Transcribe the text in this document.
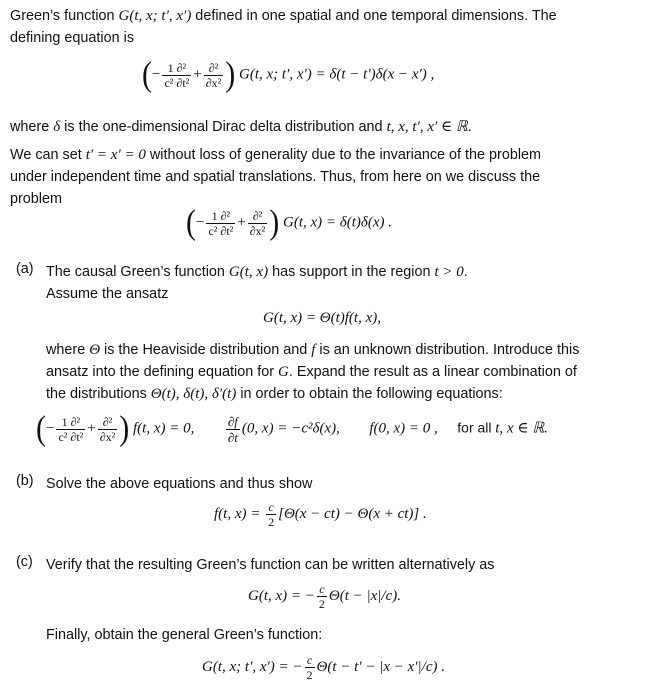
Green’s function G(t, x; t′, x′) defined in one spatial and one temporal dimensions. The
defining equation is
(− $\frac{\text{1 ∂²}}{\text{c² ∂t²}} + \frac{\text{∂²}}{\text{∂x²}}$ ) G(t, x; t′, x′) = δ(t − t′)δ(x − x′) ,
where δ is the one-dimensional Dirac delta distribution and t, x, t′, x′ ∈ ℝ.
We can set t′ = x′ = 0 without loss of generality due to the invariance of the problem
under independent time and spatial translations. Thus, from here on we discuss the
problem
(− $\frac{\text{1 ∂²}}{\text{c² ∂t²}} + \frac{\text{∂²}}{\text{∂x²}}$ ) G(t, x) = δ(t)δ(x) .
(a) The causal Green’s function G(t, x) has support in the region t > 0.
Assume the ansatz
G(t, x) = Θ(t)f(t, x),
where Θ is the Heaviside distribution and f is an unknown distribution. Introduce this
ansatz into the defining equation for G. Expand the result as a linear combination of
the distributions Θ(t), δ(t), δ′(t) in order to obtain the following equations:
(− $\frac{\text{1 ∂²}}{\text{c² ∂t²}} + \frac{\text{∂²}}{\text{∂x²}}$ ) f(t, x) = 0, $\frac{\partial f}{\partial t} (0$, x) = −c²δ(x), f(0, x) = 0 , for all t, x ∈ ℝ.
(b) Solve the above equations and thus show
f(t, $x) = \frac{c}{2} [\Theta(x - ct) - \Theta(x + ct)]$ .
(c) Verify that the resulting Green’s function can be written alternatively as
G(t, x) = − $\frac{c}{2} \Theta(t - |x|/c)$.
Finally, obtain the general Green’s function:
G(t, x; t′, x′) = − $\frac{c}{2} \Theta(t - t' - |x - x'|/c)$ .
